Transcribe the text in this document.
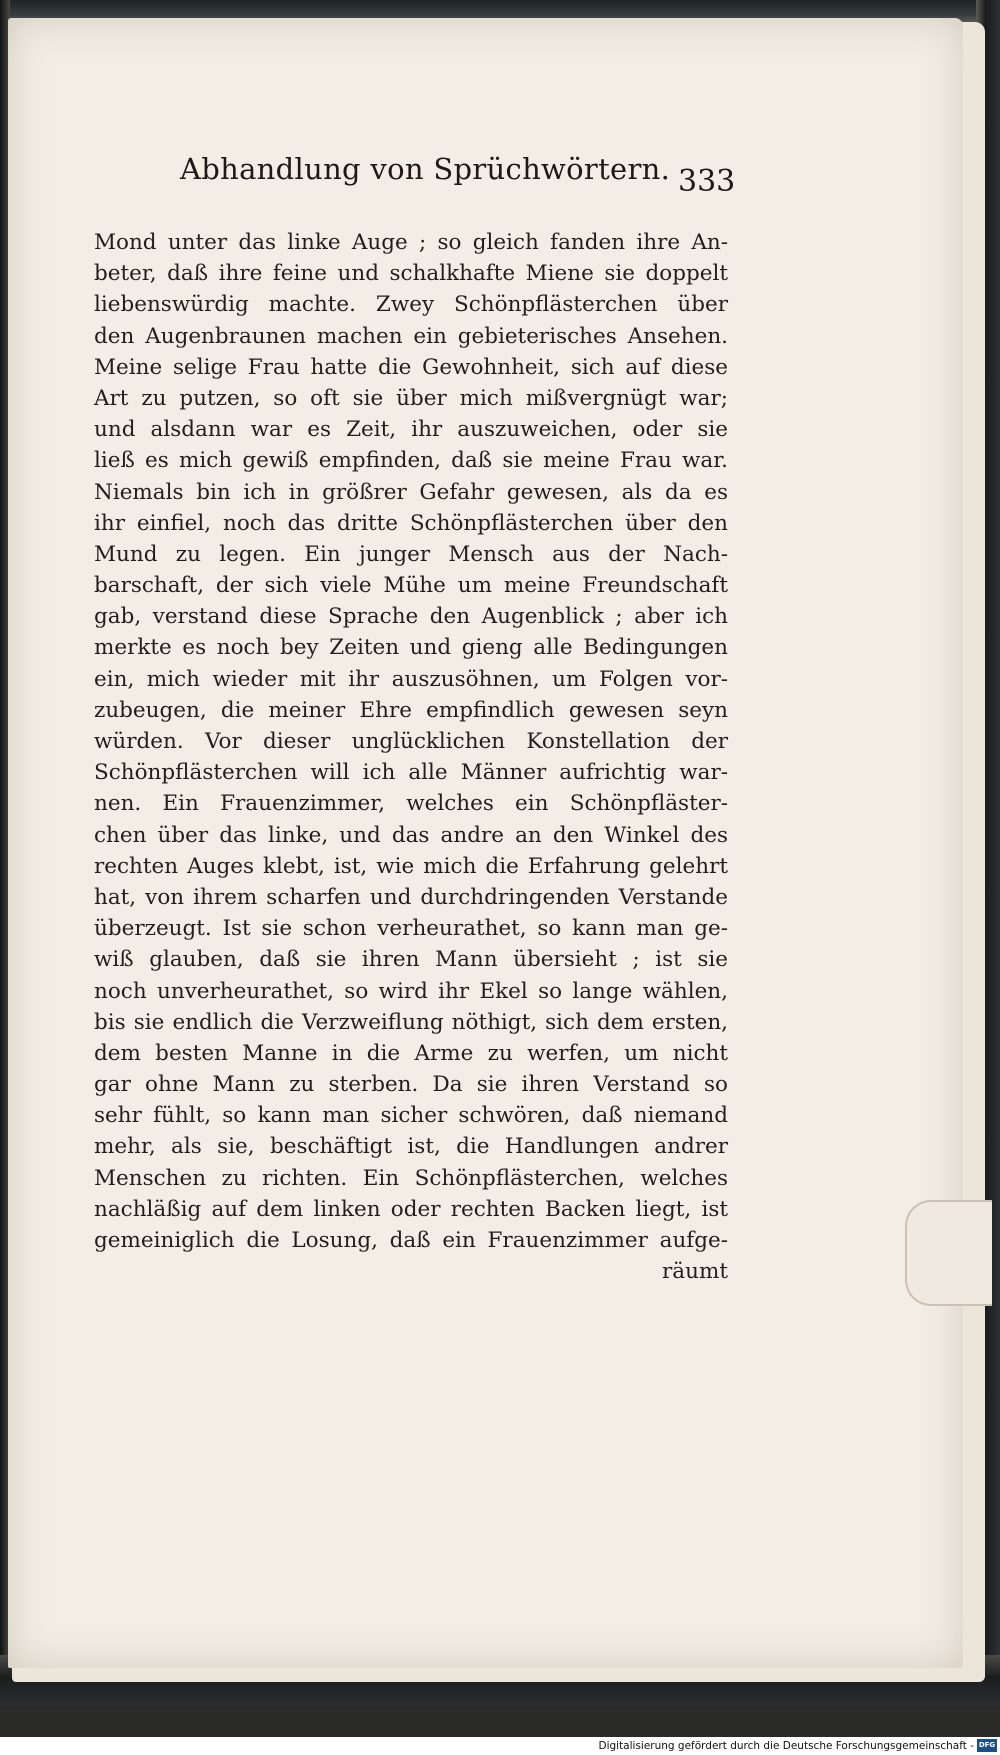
Abhandlung von Sprüchwörtern. 333
Mond unter das linke Auge ; so gleich fanden ihre An-
beter, daß ihre feine und schalkhafte Miene sie doppelt
liebenswürdig machte. Zwey Schönpflästerchen über
den Augenbraunen machen ein gebieterisches Ansehen.
Meine selige Frau hatte die Gewohnheit, sich auf diese
Art zu putzen, so oft sie über mich mißvergnügt war;
und alsdann war es Zeit, ihr auszuweichen, oder sie
ließ es mich gewiß empfinden, daß sie meine Frau war.
Niemals bin ich in größrer Gefahr gewesen, als da es
ihr einfiel, noch das dritte Schönpflästerchen über den
Mund zu legen. Ein junger Mensch aus der Nach-
barschaft, der sich viele Mühe um meine Freundschaft
gab, verstand diese Sprache den Augenblick ; aber ich
merkte es noch bey Zeiten und gieng alle Bedingungen
ein, mich wieder mit ihr auszusöhnen, um Folgen vor-
zubeugen, die meiner Ehre empfindlich gewesen seyn
würden. Vor dieser unglücklichen Konstellation der
Schönpflästerchen will ich alle Männer aufrichtig war-
nen. Ein Frauenzimmer, welches ein Schönpfläster-
chen über das linke, und das andre an den Winkel des
rechten Auges klebt, ist, wie mich die Erfahrung gelehrt
hat, von ihrem scharfen und durchdringenden Verstande
überzeugt. Ist sie schon verheurathet, so kann man ge-
wiß glauben, daß sie ihren Mann übersieht ; ist sie
noch unverheurathet, so wird ihr Ekel so lange wählen,
bis sie endlich die Verzweiflung nöthigt, sich dem ersten,
dem besten Manne in die Arme zu werfen, um nicht
gar ohne Mann zu sterben. Da sie ihren Verstand so
sehr fühlt, so kann man sicher schwören, daß niemand
mehr, als sie, beschäftigt ist, die Handlungen andrer
Menschen zu richten. Ein Schönpflästerchen, welches
nachläßig auf dem linken oder rechten Backen liegt, ist
gemeiniglich die Losung, daß ein Frauenzimmer aufge-
räumt
Digitalisierung gefördert durch die Deutsche Forschungsgemeinschaft - DFG
